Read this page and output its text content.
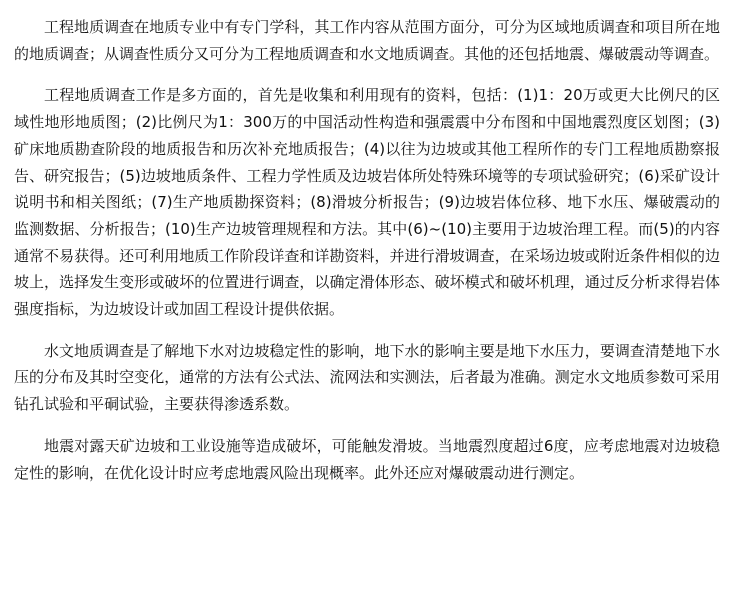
工程地质调查在地质专业中有专门学科，其工作内容从范围方面分，可分为区域地质调查和项目所在地的地质调查；从调查性质分又可分为工程地质调查和水文地质调查。其他的还包括地震、爆破震动等调查。

工程地质调查工作是多方面的，首先是收集和利用现有的资料，包括：(1)1：20万或更大比例尺的区域性地形地质图；(2)比例尺为1：300万的中国活动性构造和强震震中分布图和中国地震烈度区划图；(3) 矿床地质勘查阶段的地质报告和历次补充地质报告；(4)以往为边坡或其他工程所作的专门工程地质勘察报告、研究报告；(5)边坡地质条件、工程力学性质及边坡岩体所处特殊环境等的专项试验研究；(6)采矿设计说明书和相关图纸；(7)生产地质勘探资料；(8)滑坡分析报告；(9)边坡岩体位移、地下水压、爆破震动的监测数据、分析报告；(10)生产边坡管理规程和方法。其中(6)~(10)主要用于边坡治理工程。而(5)的内容通常不易获得。还可利用地质工作阶段详查和详勘资料，并进行滑坡调查，在采场边坡或附近条件相似的边坡上，选择发生变形或破坏的位置进行调查，以确定滑体形态、破坏模式和破坏机理，通过反分析求得岩体强度指标，为边坡设计或加固工程设计提供依据。

水文地质调查是了解地下水对边坡稳定性的影响，地下水的影响主要是地下水压力，要调查清楚地下水压的分布及其时空变化，通常的方法有公式法、流网法和实测法，后者最为准确。测定水文地质参数可采用钻孔试验和平硐试验，主要获得渗透系数。

地震对露天矿边坡和工业设施等造成破坏，可能触发滑坡。当地震烈度超过6度，应考虑地震对边坡稳定性的影响，在优化设计时应考虑地震风险出现概率。此外还应对爆破震动进行测定。
